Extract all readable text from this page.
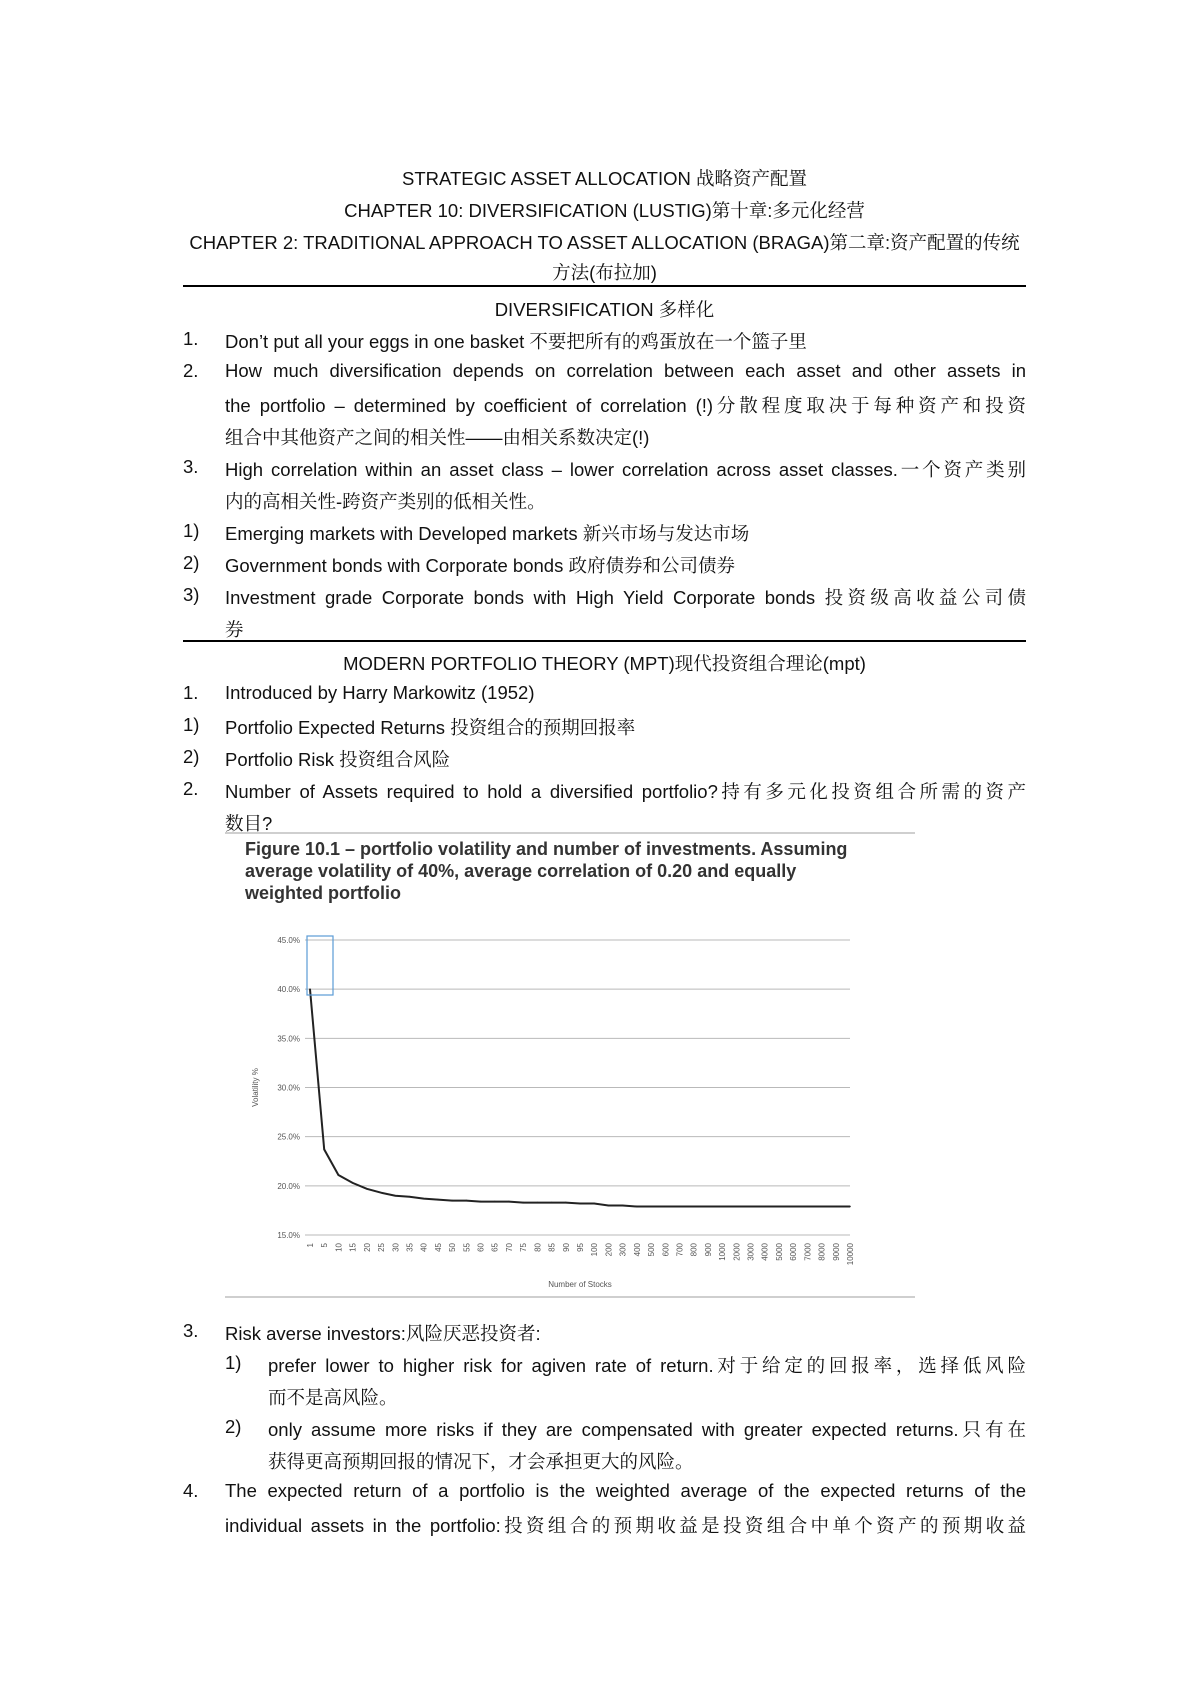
STRATEGIC ASSET ALLOCATION 战略资产配置
CHAPTER 10: DIVERSIFICATION (LUSTIG)第十章:多元化经营
CHAPTER 2: TRADITIONAL APPROACH TO ASSET ALLOCATION (BRAGA)第二章:资产配置的传统
方法(布拉加)
DIVERSIFICATION 多样化
1. Don’t put all your eggs in one basket 不要把所有的鸡蛋放在一个篮子里
2. How much diversification depends on correlation between each asset and other assets in
the portfolio – determined by coefficient of correlation (!)分散程度取决于每种资产和投资
组合中其他资产之间的相关性——由相关系数决定(!)
3. High correlation within an asset class – lower correlation across asset classes.一个资产类别
内的高相关性-跨资产类别的低相关性。
1) Emerging markets with Developed markets 新兴市场与发达市场
2) Government bonds with Corporate bonds 政府债券和公司债券
3) Investment grade Corporate bonds with High Yield Corporate bonds 投资级高收益公司债
券
MODERN PORTFOLIO THEORY (MPT)现代投资组合理论(mpt)
1. Introduced by Harry Markowitz (1952)
1) Portfolio Expected Returns 投资组合的预期回报率
2) Portfolio Risk 投资组合风险
2. Number of Assets required to hold a diversified portfolio?持有多元化投资组合所需的资产
数目?
Figure 10.1 – portfolio volatility and number of investments. Assuming average volatility of 40%, average correlation of 0.20 and equally weighted portfolio
45.0%
40.0%
35.0%
30.0%
25.0%
20.0%
15.0%
1 5 10 15 20 25 30 35 40 45 50 55 60 65 70 75 80 85 90 95 100 200 300 400 500 600 700 800 900 1000 2000 3000 4000 5000 6000 7000 8000 9000 10000
Volatility %
Number of Stocks
3. Risk averse investors:风险厌恶投资者:
1) prefer lower to higher risk for agiven rate of return.对于给定的回报率，选择低风险
而不是高风险。
2) only assume more risks if they are compensated with greater expected returns.只有在
获得更高预期回报的情况下，才会承担更大的风险。
4. The expected return of a portfolio is the weighted average of the expected returns of the
individual assets in the portfolio:投资组合的预期收益是投资组合中单个资产的预期收益
